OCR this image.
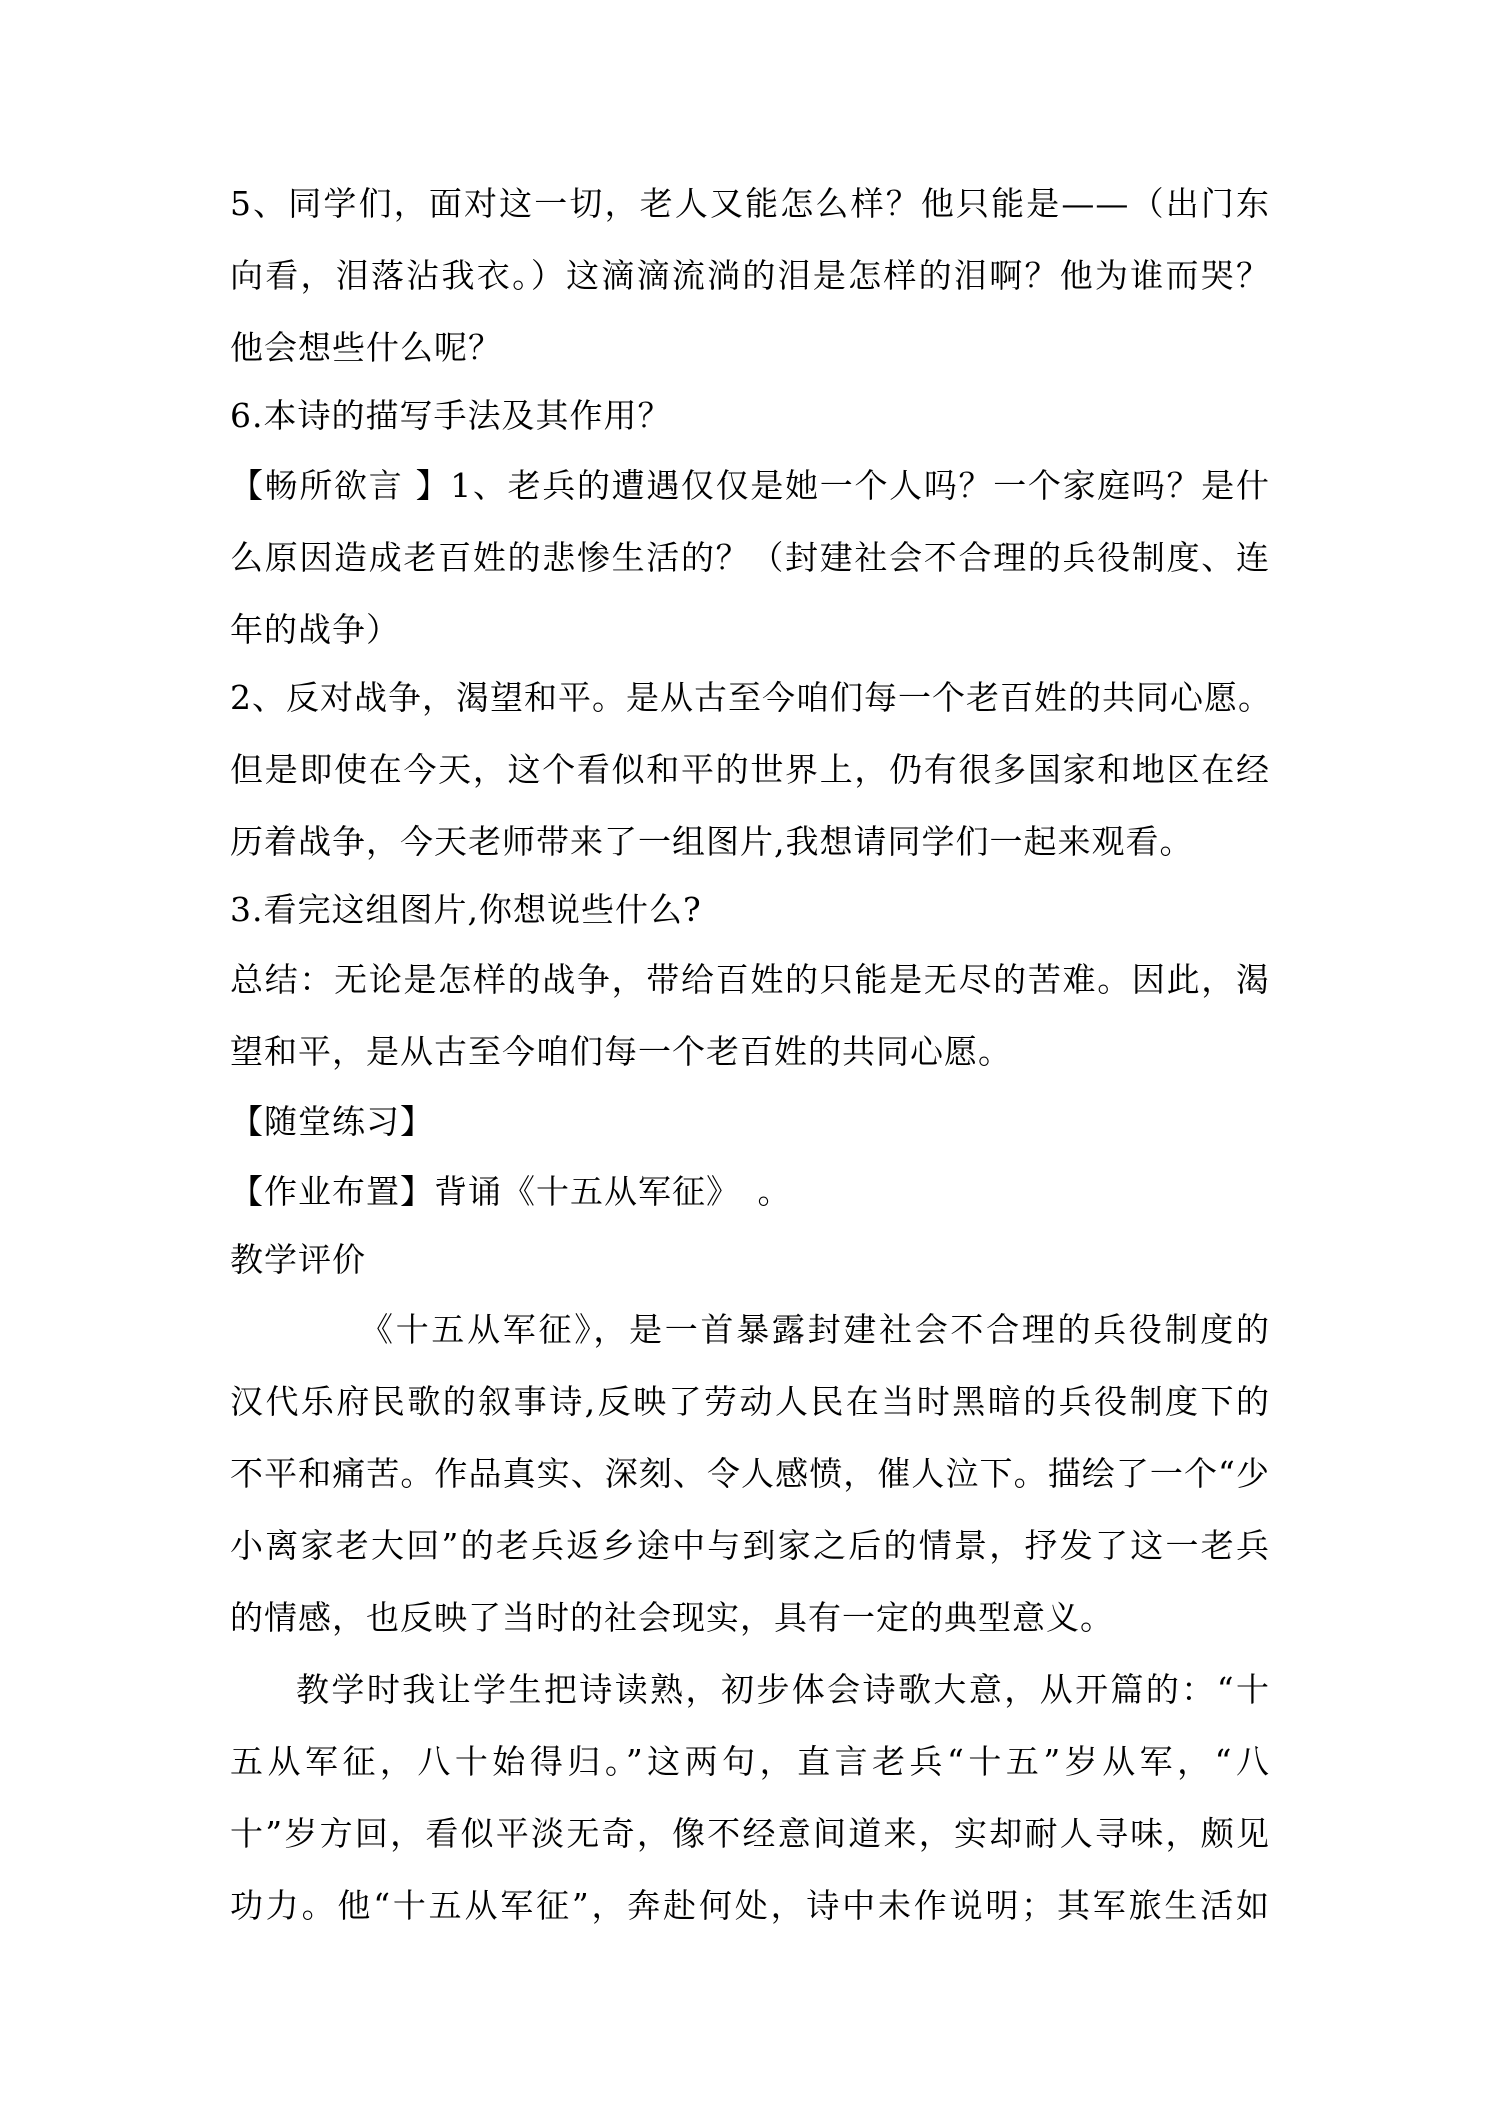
5、同学们，面对这一切，老人又能怎么样？他只能是——（出门东
向看，泪落沾我衣。）这滴滴流淌的泪是怎样的泪啊？他为谁而哭？
他会想些什么呢？
6.本诗的描写手法及其作用？
【畅所欲言 】1、老兵的遭遇仅仅是她一个人吗？一个家庭吗？是什
么原因造成老百姓的悲惨生活的？（封建社会不合理的兵役制度、连
年的战争）
2、反对战争，渴望和平。是从古至今咱们每一个老百姓的共同心愿。
但是即使在今天，这个看似和平的世界上，仍有很多国家和地区在经
历着战争，今天老师带来了一组图片,我想请同学们一起来观看。
3.看完这组图片,你想说些什么?
总结：无论是怎样的战争，带给百姓的只能是无尽的苦难。因此，渴
望和平，是从古至今咱们每一个老百姓的共同心愿。
【随堂练习】
【作业布置】背诵《十五从军征》　。
教学评价
《十五从军征》，是一首暴露封建社会不合理的兵役制度的
汉代乐府民歌的叙事诗,反映了劳动人民在当时黑暗的兵役制度下的
不平和痛苦。作品真实、深刻、令人感愤，催人泣下。描绘了一个“少
小离家老大回”的老兵返乡途中与到家之后的情景，抒发了这一老兵
的情感，也反映了当时的社会现实，具有一定的典型意义。
教学时我让学生把诗读熟，初步体会诗歌大意，从开篇的：“十
五从军征，八十始得归。”这两句，直言老兵“十五”岁从军，“八
十”岁方回，看似平淡无奇，像不经意间道来，实却耐人寻味，颇见
功力。他“十五从军征”，奔赴何处，诗中未作说明；其军旅生活如
